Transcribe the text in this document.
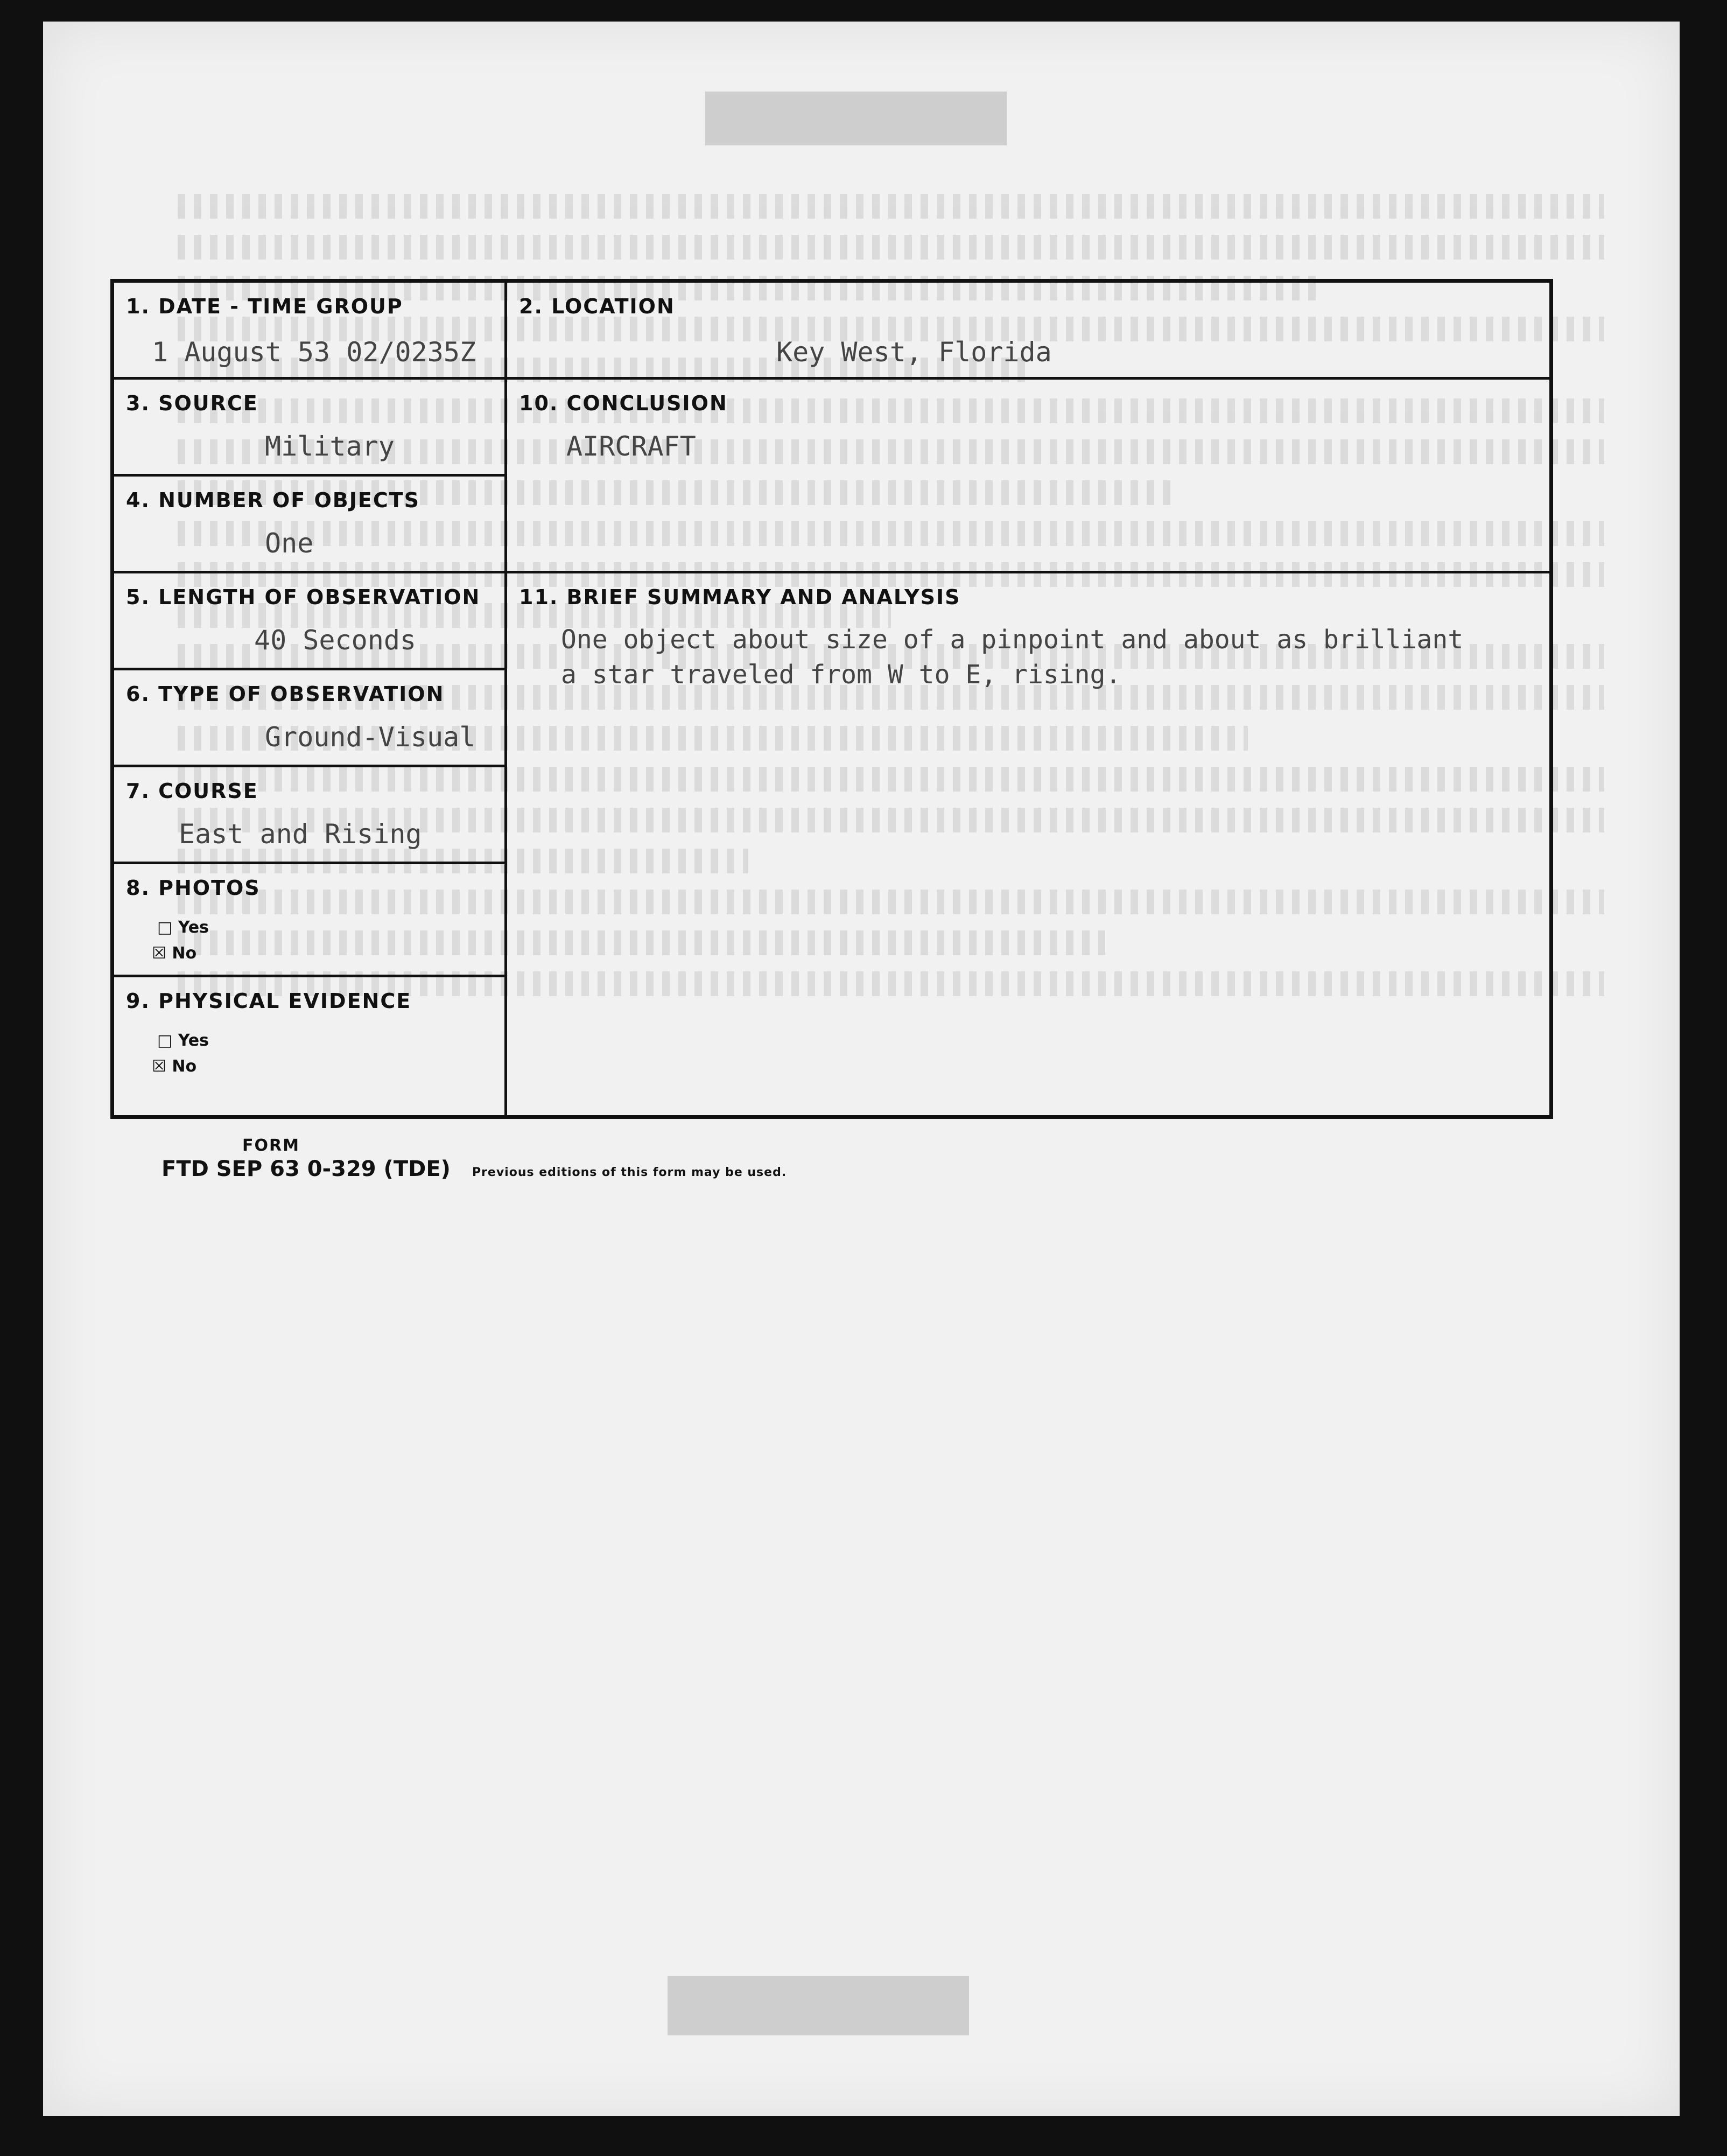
1. DATE - TIME GROUP
1 August 53 02/0235Z
2. LOCATION
Key West, Florida
3. SOURCE
Military
4. NUMBER OF OBJECTS
One
5. LENGTH OF OBSERVATION
40 Seconds
6. TYPE OF OBSERVATION
Ground-Visual
7. COURSE
East and Rising
8. PHOTOS
□ Yes
☒ No
9. PHYSICAL EVIDENCE
□ Yes
☒ No
10. CONCLUSION
AIRCRAFT
11. BRIEF SUMMARY AND ANALYSIS
One object about size of a pinpoint and about as brilliant
a star traveled from W to E, rising.
FORM
FTD SEP 63 0-329 (TDE) Previous editions of this form may be used.
